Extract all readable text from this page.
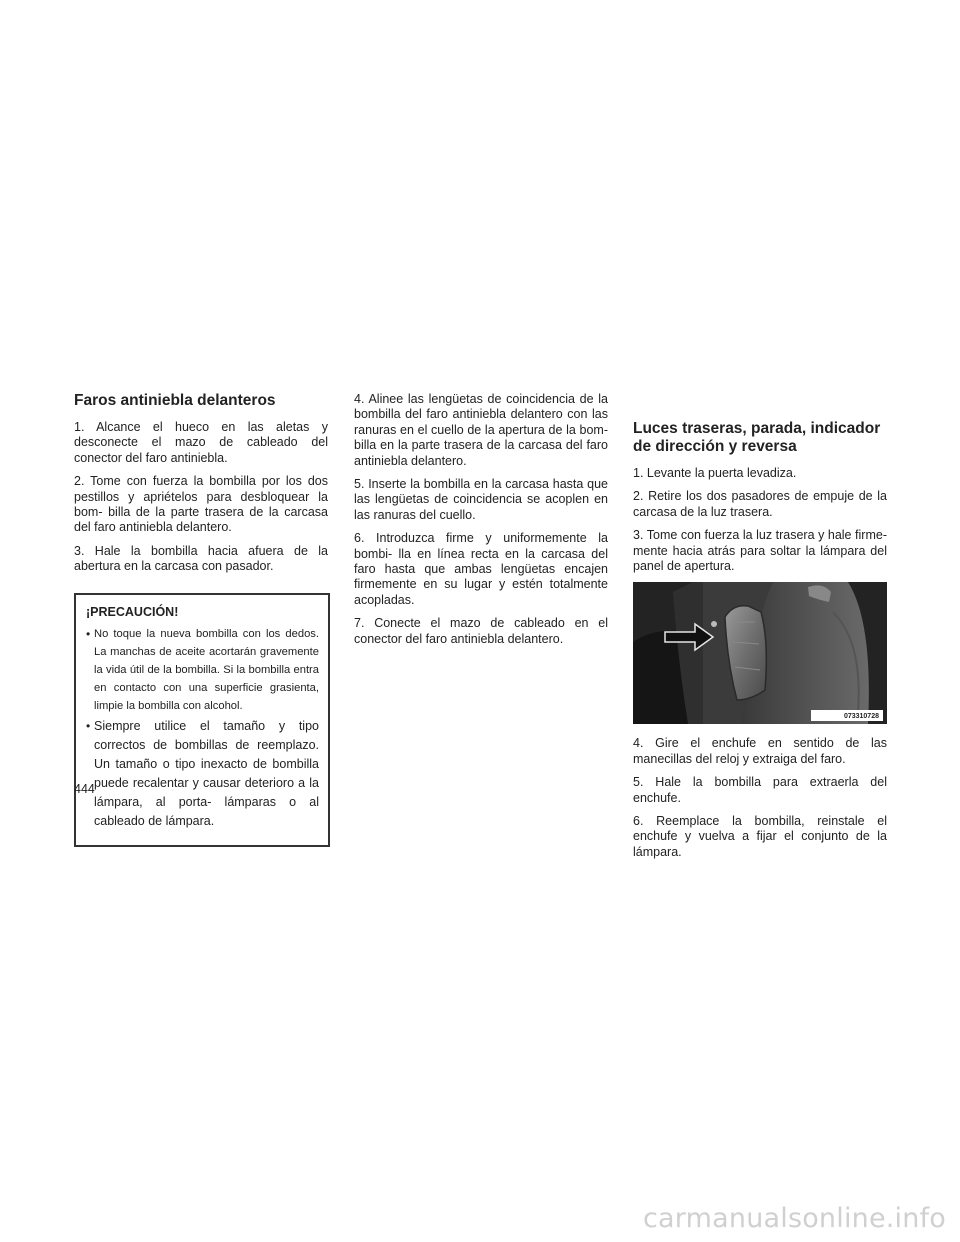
Faros antiniebla delanteros

1. Alcance el hueco en las aletas y desconecte el mazo de cableado del conector del faro antiniebla.

2. Tome con fuerza la bombilla por los dos pestillos y apriételos para desbloquear la bom- billa de la parte trasera de la carcasa del faro antiniebla delantero.

3. Hale la bombilla hacia afuera de la abertura en la carcasa con pasador.

¡PRECAUCIÓN!
• No toque la nueva bombilla con los dedos. La manchas de aceite acortarán gravemente la vida útil de la bombilla. Si la bombilla entra en contacto con una superficie grasienta, limpie la bombilla con alcohol.
• Siempre utilice el tamaño y tipo correctos de bombillas de reemplazo. Un tamaño o tipo inexacto de bombilla puede recalentar y causar deterioro a la lámpara, al porta- lámparas o al cableado de lámpara.

4. Alinee las lengüetas de coincidencia de la bombilla del faro antiniebla delantero con las ranuras en el cuello de la apertura de la bom- billa en la parte trasera de la carcasa del faro antiniebla delantero.

5. Inserte la bombilla en la carcasa hasta que las lengüetas de coincidencia se acoplen en las ranuras del cuello.

6. Introduzca firme y uniformemente la bombi- lla en línea recta en la carcasa del faro hasta que ambas lengüetas encajen firmemente en su lugar y estén totalmente acopladas.

7. Conecte el mazo de cableado en el conector del faro antiniebla delantero.

Luces traseras, parada, indicador de dirección y reversa

1. Levante la puerta levadiza.

2. Retire los dos pasadores de empuje de la carcasa de la luz trasera.

3. Tome con fuerza la luz trasera y hale firme- mente hacia atrás para soltar la lámpara del panel de apertura.

073310728

4. Gire el enchufe en sentido de las manecillas del reloj y extraiga del faro.

5. Hale la bombilla para extraerla del enchufe.

6. Reemplace la bombilla, reinstale el enchufe y vuelva a fijar el conjunto de la lámpara.

444
carmanualsonline.info
